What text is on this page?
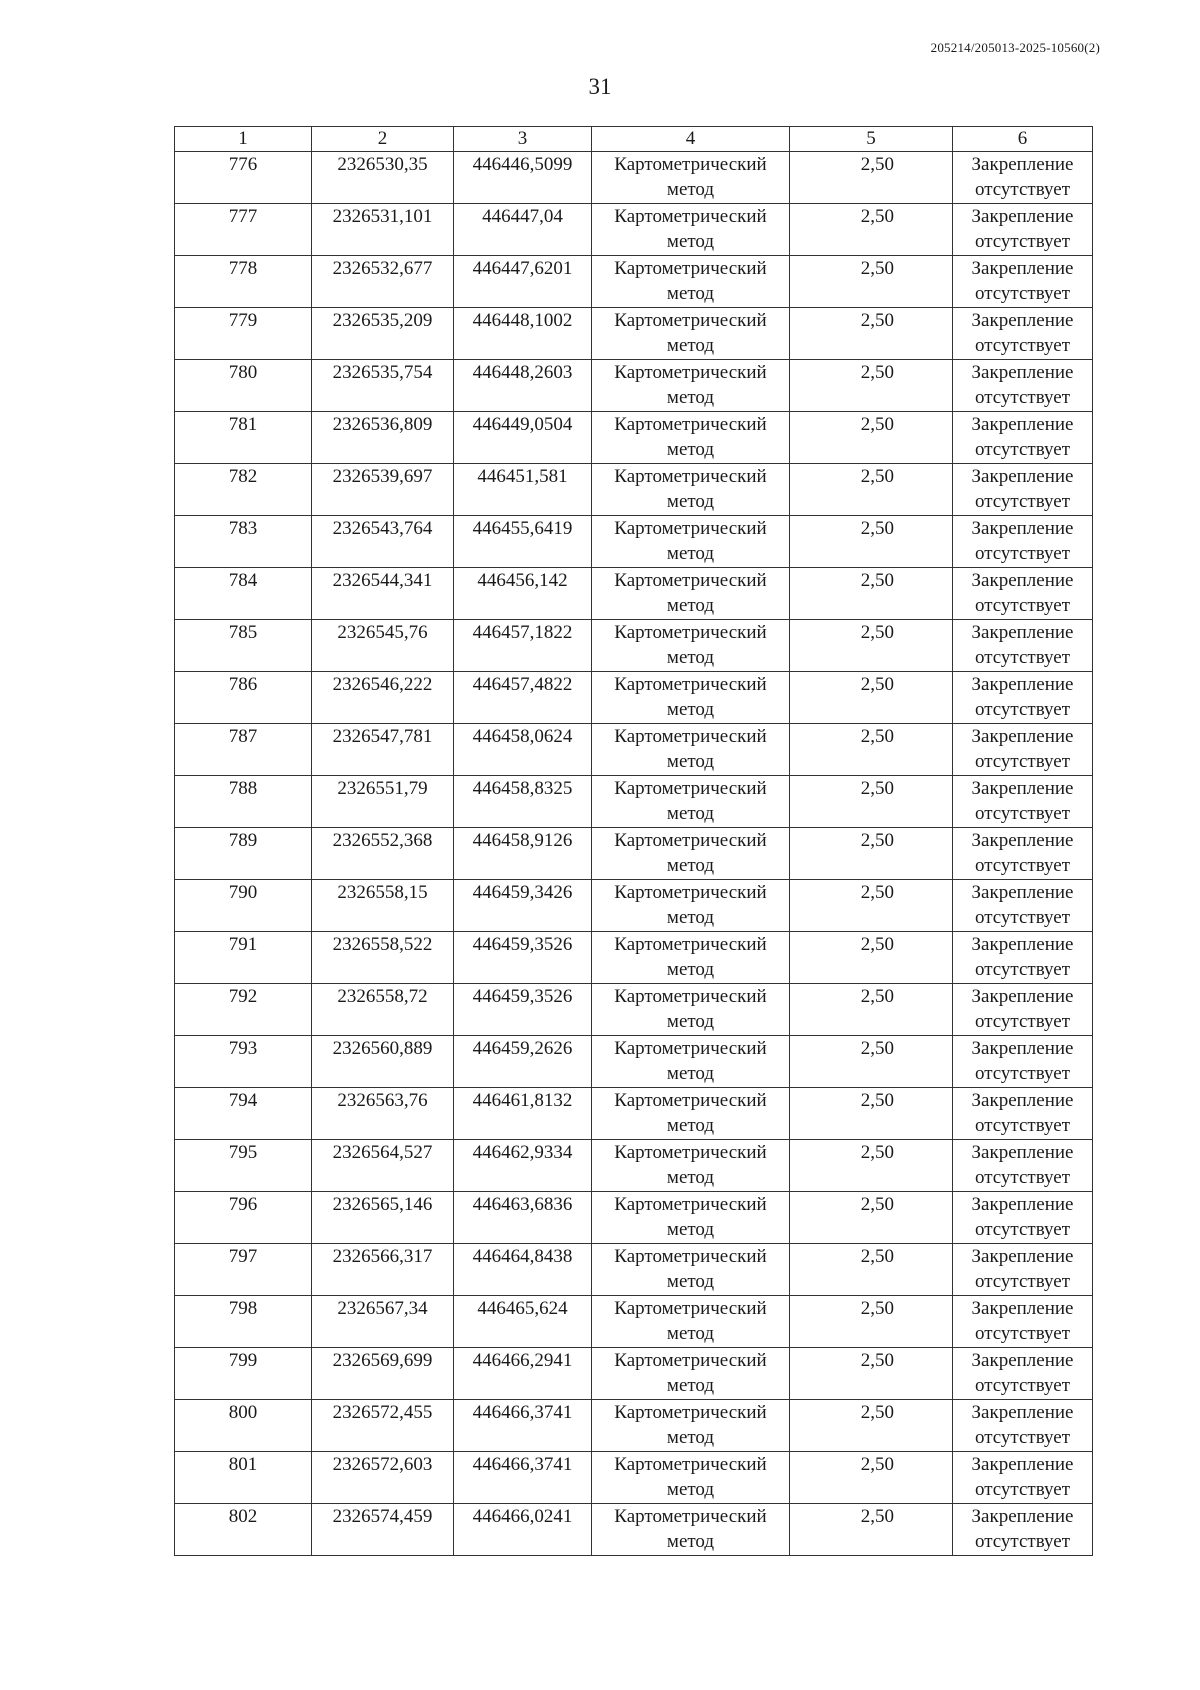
205214/205013-2025-10560(2)
31
1	2	3	4	5	6
776	2326530,35	446446,5099	Картометрический
метод	2,50	Закрепление
отсутствует

777	2326531,101	446447,04	Картометрический
метод	2,50	Закрепление
отсутствует

778	2326532,677	446447,6201	Картометрический
метод	2,50	Закрепление
отсутствует

779	2326535,209	446448,1002	Картометрический
метод	2,50	Закрепление
отсутствует

780	2326535,754	446448,2603	Картометрический
метод	2,50	Закрепление
отсутствует

781	2326536,809	446449,0504	Картометрический
метод	2,50	Закрепление
отсутствует

782	2326539,697	446451,581	Картометрический
метод	2,50	Закрепление
отсутствует

783	2326543,764	446455,6419	Картометрический
метод	2,50	Закрепление
отсутствует

784	2326544,341	446456,142	Картометрический
метод	2,50	Закрепление
отсутствует

785	2326545,76	446457,1822	Картометрический
метод	2,50	Закрепление
отсутствует

786	2326546,222	446457,4822	Картометрический
метод	2,50	Закрепление
отсутствует

787	2326547,781	446458,0624	Картометрический
метод	2,50	Закрепление
отсутствует

788	2326551,79	446458,8325	Картометрический
метод	2,50	Закрепление
отсутствует

789	2326552,368	446458,9126	Картометрический
метод	2,50	Закрепление
отсутствует

790	2326558,15	446459,3426	Картометрический
метод	2,50	Закрепление
отсутствует

791	2326558,522	446459,3526	Картометрический
метод	2,50	Закрепление
отсутствует

792	2326558,72	446459,3526	Картометрический
метод	2,50	Закрепление
отсутствует

793	2326560,889	446459,2626	Картометрический
метод	2,50	Закрепление
отсутствует

794	2326563,76	446461,8132	Картометрический
метод	2,50	Закрепление
отсутствует

795	2326564,527	446462,9334	Картометрический
метод	2,50	Закрепление
отсутствует

796	2326565,146	446463,6836	Картометрический
метод	2,50	Закрепление
отсутствует

797	2326566,317	446464,8438	Картометрический
метод	2,50	Закрепление
отсутствует

798	2326567,34	446465,624	Картометрический
метод	2,50	Закрепление
отсутствует

799	2326569,699	446466,2941	Картометрический
метод	2,50	Закрепление
отсутствует

800	2326572,455	446466,3741	Картометрический
метод	2,50	Закрепление
отсутствует

801	2326572,603	446466,3741	Картометрический
метод	2,50	Закрепление
отсутствует

802	2326574,459	446466,0241	Картометрический
метод	2,50	Закрепление
отсутствует
